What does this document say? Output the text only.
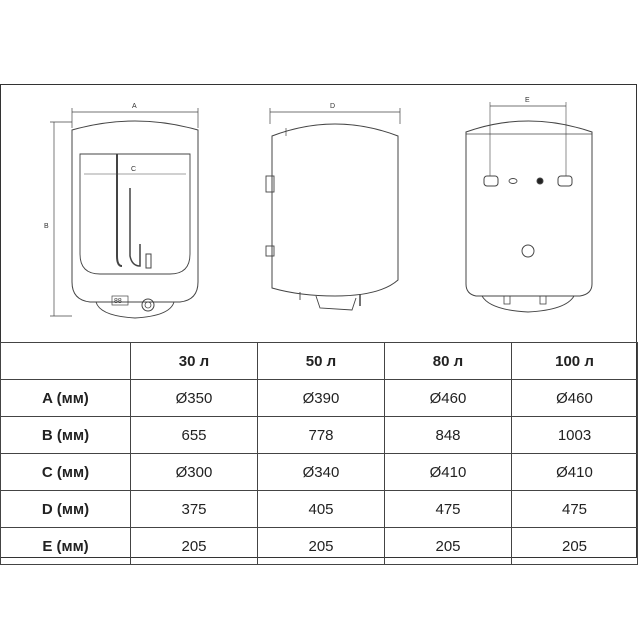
A
B
C
88
D
E
	30 л	50 л	80 л	100 л
A (мм)	Ø350	Ø390	Ø460	Ø460
B (мм)	655	778	848	1003
C (мм)	Ø300	Ø340	Ø410	Ø410
D (мм)	375	405	475	475
E (мм)	205	205	205	205
